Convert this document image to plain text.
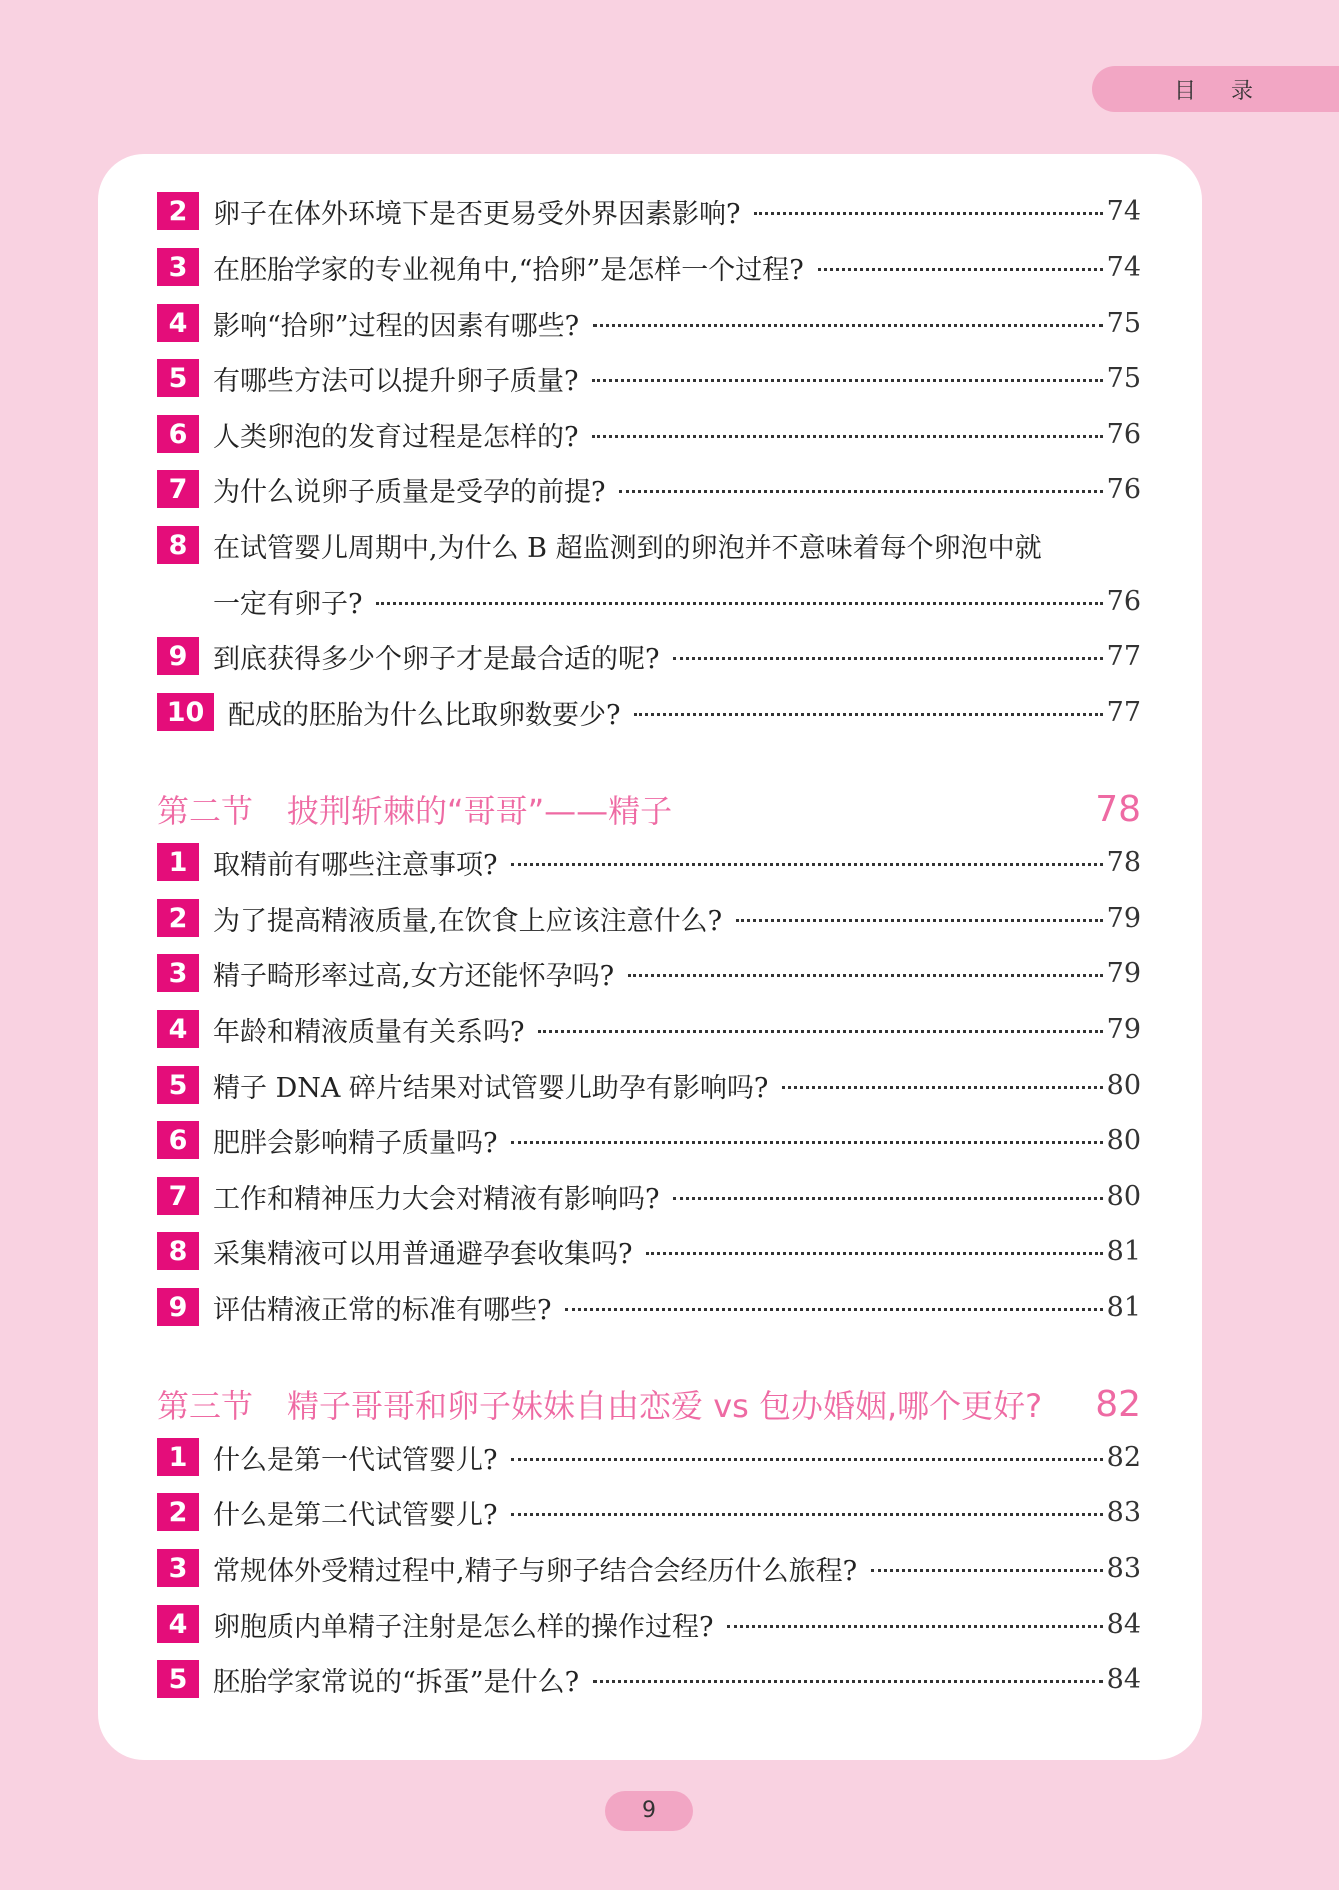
目 录
2 卵子在体外环境下是否更易受外界因素影响?	74
3 在胚胎学家的专业视角中,“拾卵”是怎样一个过程?	74
4 影响“拾卵”过程的因素有哪些?	75
5 有哪些方法可以提升卵子质量?	75
6 人类卵泡的发育过程是怎样的?	76
7 为什么说卵子质量是受孕的前提?	76
8 在试管婴儿周期中,为什么 B 超监测到的卵泡并不意味着每个卵泡中就
一定有卵子?	76
9 到底获得多少个卵子才是最合适的呢?	77
10 配成的胚胎为什么比取卵数要少?	77
第二节 披荆斩棘的“哥哥”——精子	78
1 取精前有哪些注意事项?	78
2 为了提高精液质量,在饮食上应该注意什么?	79
3 精子畸形率过高,女方还能怀孕吗?	79
4 年龄和精液质量有关系吗?	79
5 精子 DNA 碎片结果对试管婴儿助孕有影响吗?	80
6 肥胖会影响精子质量吗?	80
7 工作和精神压力大会对精液有影响吗?	80
8 采集精液可以用普通避孕套收集吗?	81
9 评估精液正常的标准有哪些?	81
第三节 精子哥哥和卵子妹妹自由恋爱 vs 包办婚姻,哪个更好?	82
1 什么是第一代试管婴儿?	82
2 什么是第二代试管婴儿?	83
3 常规体外受精过程中,精子与卵子结合会经历什么旅程?	83
4 卵胞质内单精子注射是怎么样的操作过程?	84
5 胚胎学家常说的“拆蛋”是什么?	84
9
